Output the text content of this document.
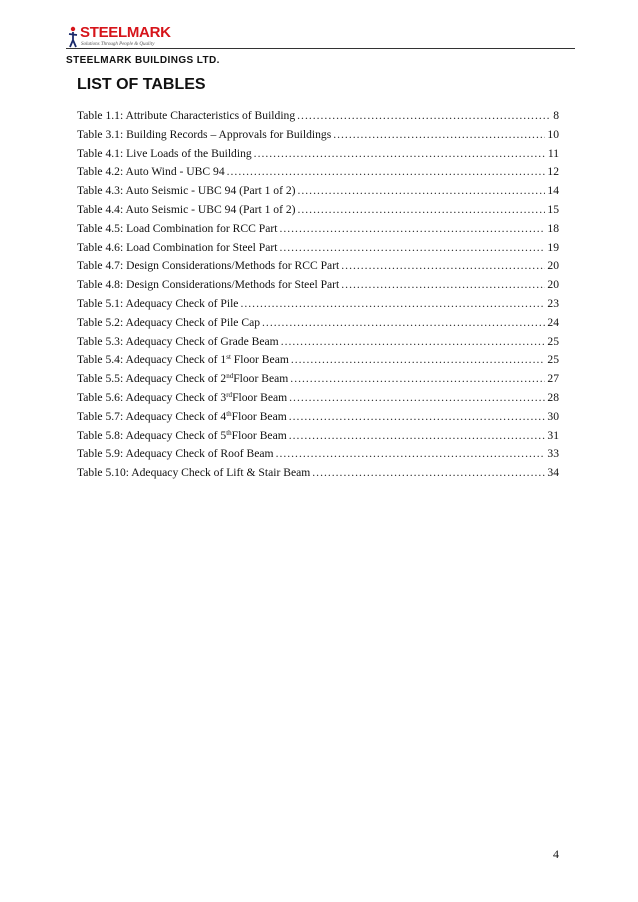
STEELMARK
Solutions Through People & Quality
STEELMARK BUILDINGS LTD.
LIST OF TABLES
Table 1.1: Attribute Characteristics of Building .....	8
Table 3.1: Building Records – Approvals for Buildings .....	10
Table 4.1: Live Loads of the Building .....	11
Table 4.2: Auto Wind - UBC 94 .....	12
Table 4.3: Auto Seismic - UBC 94 (Part 1 of 2) .....	14
Table 4.4: Auto Seismic - UBC 94 (Part 1 of 2) .....	15
Table 4.5: Load Combination for RCC Part .....	18
Table 4.6: Load Combination for Steel Part .....	19
Table 4.7: Design Considerations/Methods for RCC Part .....	20
Table 4.8: Design Considerations/Methods for Steel Part .....	20
Table 5.1: Adequacy Check of Pile .....	23
Table 5.2: Adequacy Check of Pile Cap .....	24
Table 5.3: Adequacy Check of Grade Beam .....	25
Table 5.4: Adequacy Check of 1st Floor Beam .....	25
Table 5.5: Adequacy Check of 2ndFloor Beam .....	27
Table 5.6: Adequacy Check of 3rdFloor Beam .....	28
Table 5.7: Adequacy Check of 4thFloor Beam .....	30
Table 5.8: Adequacy Check of 5thFloor Beam .....	31
Table 5.9: Adequacy Check of Roof Beam .....	33
Table 5.10: Adequacy Check of Lift & Stair Beam .....	34
4
